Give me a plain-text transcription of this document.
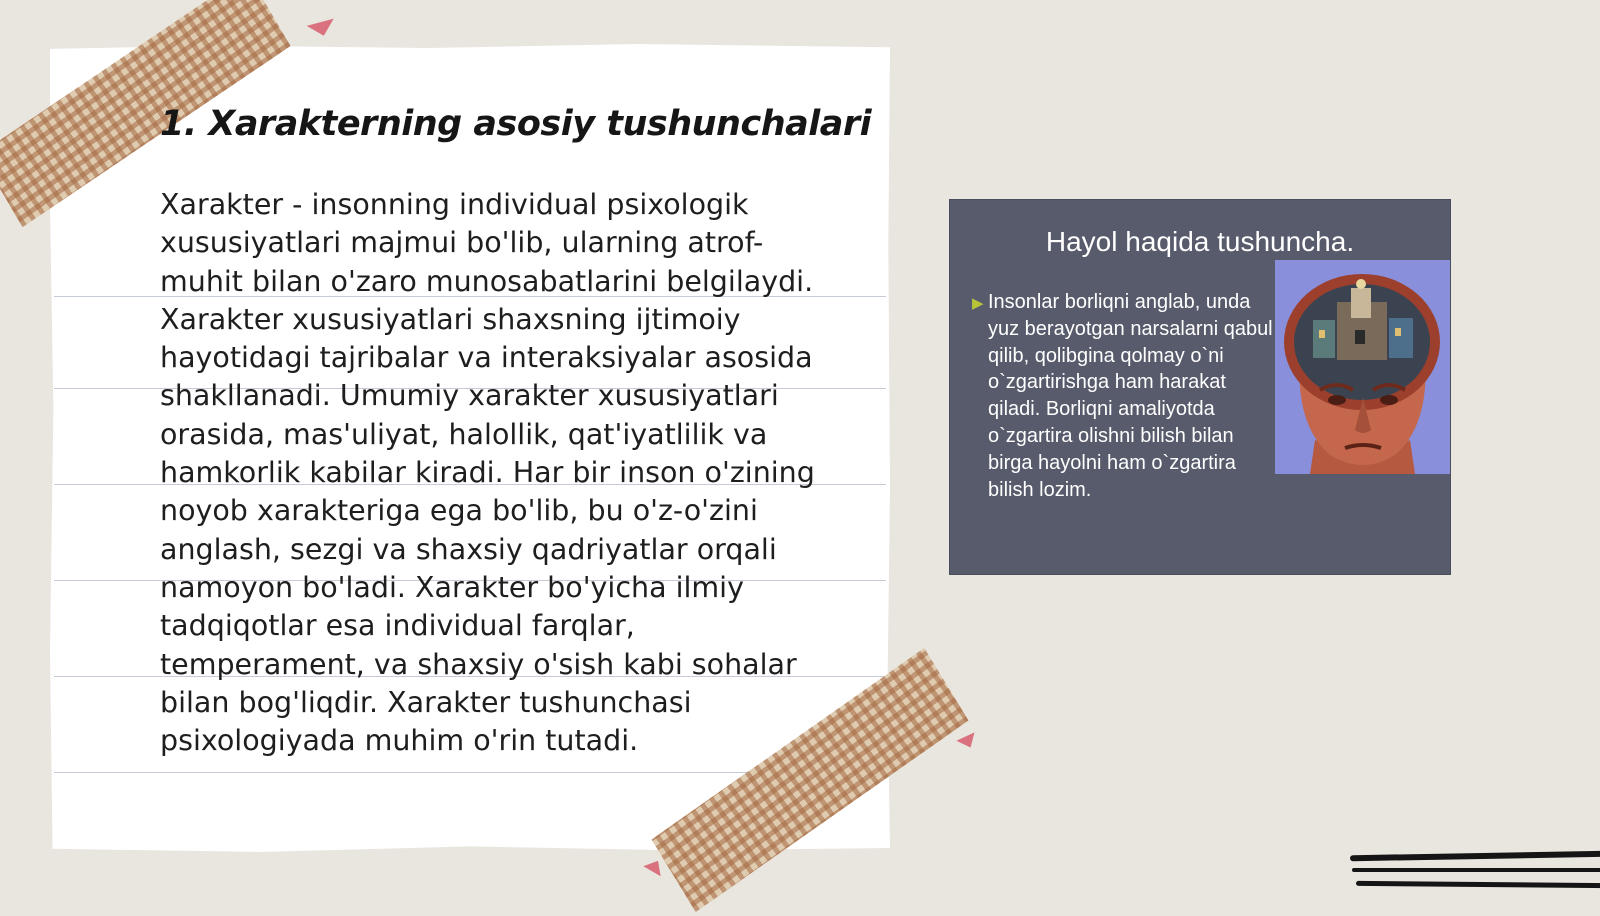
1. Xarakterning asosiy tushunchalari

Xarakter - insonning individual psixologik xususiyatlari majmui bo'lib, ularning atrof-muhit bilan o'zaro munosabatlarini belgilaydi. Xarakter xususiyatlari shaxsning ijtimoiy hayotidagi tajribalar va interaksiyalar asosida shakllanadi. Umumiy xarakter xususiyatlari orasida, mas'uliyat, halollik, qat'iyatlilik va hamkorlik kabilar kiradi. Har bir inson o'zining noyob xarakteriga ega bo'lib, bu o'z-o'zini anglash, sezgi va shaxsiy qadriyatlar orqali namoyon bo'ladi. Xarakter bo'yicha ilmiy tadqiqotlar esa individual farqlar, temperament, va shaxsiy o'sish kabi sohalar bilan bog'liqdir. Xarakter tushunchasi psixologiyada muhim o'rin tutadi.

Hayol haqida tushuncha.
▶ Insonlar borliqni anglab, unda yuz berayotgan narsalarni qabul qilib, qolibgina qolmay o`ni o`zgartirishga ham harakat qiladi. Borliqni amaliyotda o`zgartira olishni bilish bilan birga hayolni ham o`zgartira bilish lozim.
